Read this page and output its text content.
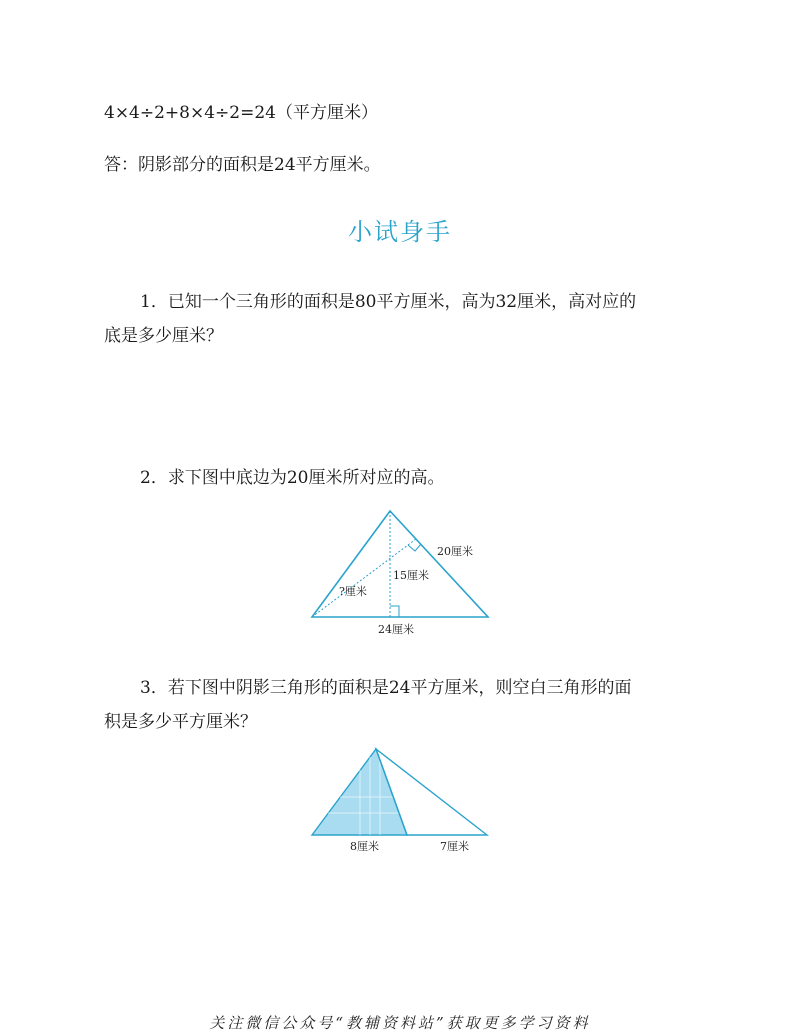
4×4÷2+8×4÷2=24（平方厘米）
答：阴影部分的面积是24平方厘米。
小试身手
1．已知一个三角形的面积是80平方厘米，高为32厘米，高对应的
底是多少厘米？
2．求下图中底边为20厘米所对应的高。
20厘米
15厘米
?厘米
24厘米
3．若下图中阴影三角形的面积是24平方厘米，则空白三角形的面
积是多少平方厘米？
8厘米	7厘米
关注微信公众号“教辅资料站”获取更多学习资料
